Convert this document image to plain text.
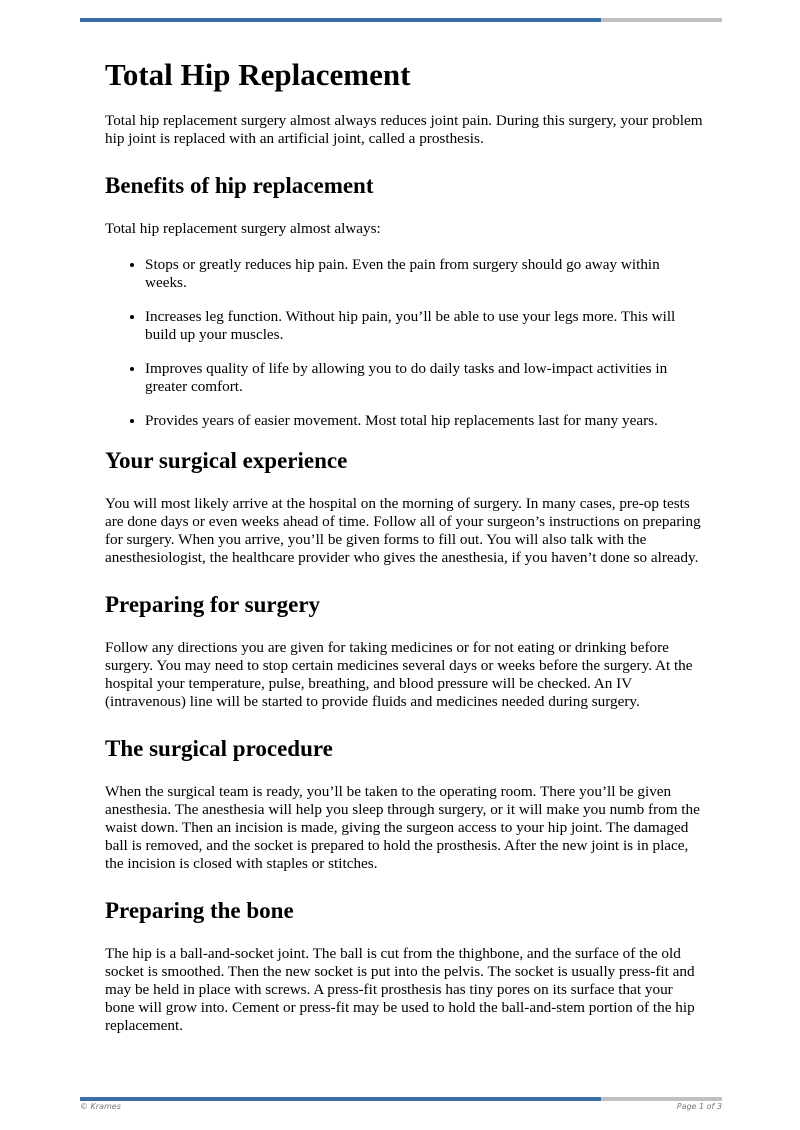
Total Hip Replacement

Total hip replacement surgery almost always reduces joint pain. During this surgery, your problem hip joint is replaced with an artificial joint, called a prosthesis.

Benefits of hip replacement

Total hip replacement surgery almost always:

• Stops or greatly reduces hip pain. Even the pain from surgery should go away within weeks.
• Increases leg function. Without hip pain, you’ll be able to use your legs more. This will build up your muscles.
• Improves quality of life by allowing you to do daily tasks and low-impact activities in greater comfort.
• Provides years of easier movement. Most total hip replacements last for many years.
Your surgical experience

You will most likely arrive at the hospital on the morning of surgery. In many cases, pre-op tests are done days or even weeks ahead of time. Follow all of your surgeon’s instructions on preparing for surgery. When you arrive, you’ll be given forms to fill out. You will also talk with the anesthesiologist, the healthcare provider who gives the anesthesia, if you haven’t done so already.

Preparing for surgery

Follow any directions you are given for taking medicines or for not eating or drinking before surgery. You may need to stop certain medicines several days or weeks before the surgery. At the hospital your temperature, pulse, breathing, and blood pressure will be checked. An IV (intravenous) line will be started to provide fluids and medicines needed during surgery.

The surgical procedure

When the surgical team is ready, you’ll be taken to the operating room. There you’ll be given anesthesia. The anesthesia will help you sleep through surgery, or it will make you numb from the waist down. Then an incision is made, giving the surgeon access to your hip joint. The damaged ball is removed, and the socket is prepared to hold the prosthesis. After the new joint is in place, the incision is closed with staples or stitches.

Preparing the bone

The hip is a ball-and-socket joint. The ball is cut from the thighbone, and the surface of the old socket is smoothed. Then the new socket is put into the pelvis. The socket is usually press-fit and may be held in place with screws. A press-fit prosthesis has tiny pores on its surface that your bone will grow into. Cement or press-fit may be used to hold the ball-and-stem portion of the hip replacement.

© Krames	Page 1 of 3
